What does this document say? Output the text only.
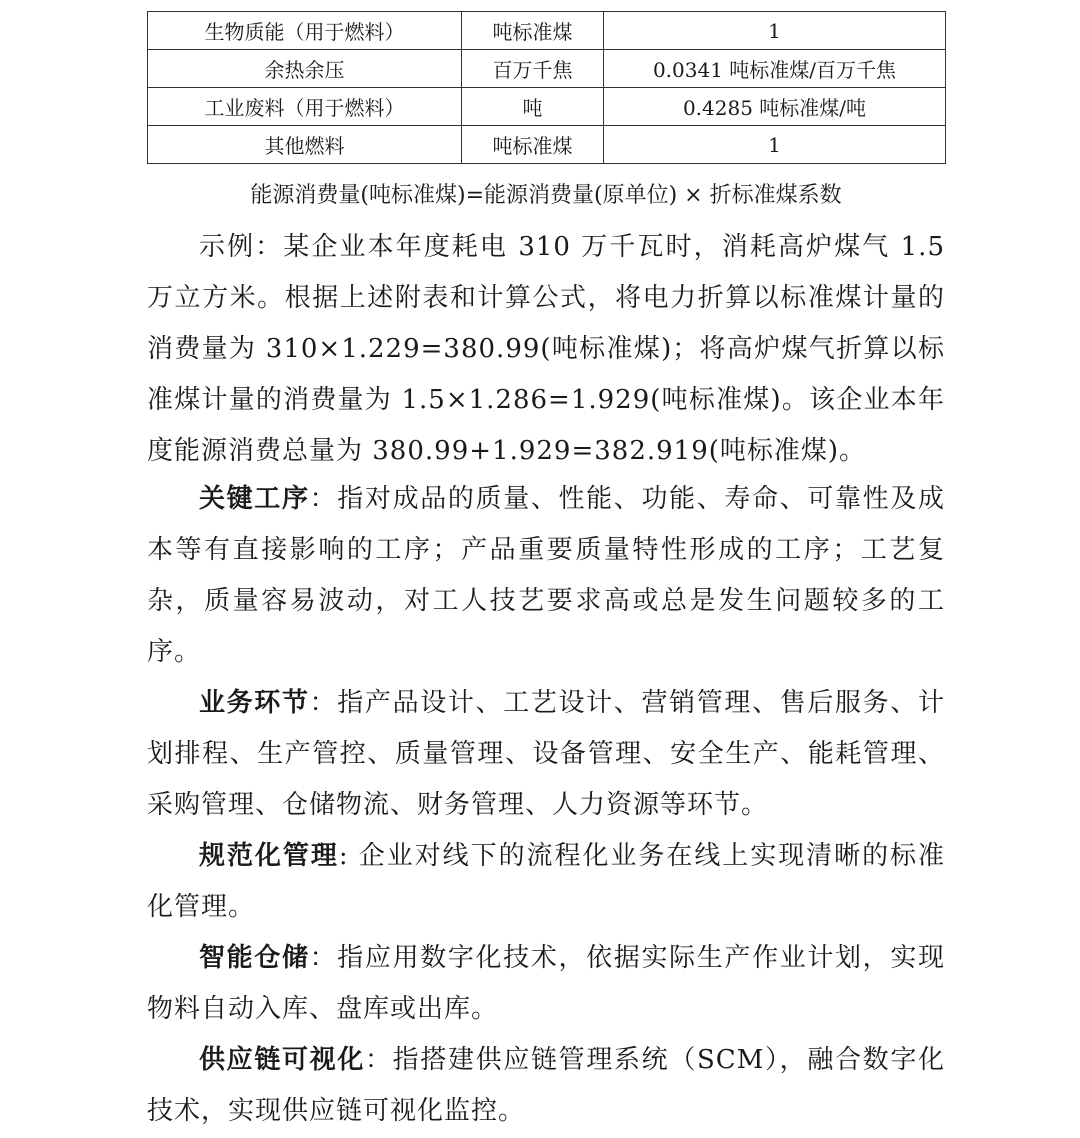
生物质能（用于燃料）	吨标准煤	1
余热余压	百万千焦	0.0341 吨标准煤/百万千焦
工业废料（用于燃料）	吨	0.4285 吨标准煤/吨
其他燃料	吨标准煤	1
能源消费量(吨标准煤)=能源消费量(原单位) × 折标准煤系数

示例：某企业本年度耗电 310 万千瓦时，消耗高炉煤气 1.5 万立方米。根据上述附表和计算公式，将电力折算以标准煤计量的消费量为 310×1.229=380.99(吨标准煤)；将高炉煤气折算以标准煤计量的消费量为 1.5×1.286=1.929(吨标准煤)。该企业本年度能源消费总量为 380.99+1.929=382.919(吨标准煤)。

关键工序：指对成品的质量、性能、功能、寿命、可靠性及成本等有直接影响的工序；产品重要质量特性形成的工序；工艺复杂，质量容易波动，对工人技艺要求高或总是发生问题较多的工序。

业务环节：指产品设计、工艺设计、营销管理、售后服务、计划排程、生产管控、质量管理、设备管理、安全生产、能耗管理、采购管理、仓储物流、财务管理、人力资源等环节。

规范化管理: 企业对线下的流程化业务在线上实现清晰的标准化管理。

智能仓储：指应用数字化技术，依据实际生产作业计划，实现物料自动入库、盘库或出库。

供应链可视化：指搭建供应链管理系统（SCM），融合数字化技术，实现供应链可视化监控。
